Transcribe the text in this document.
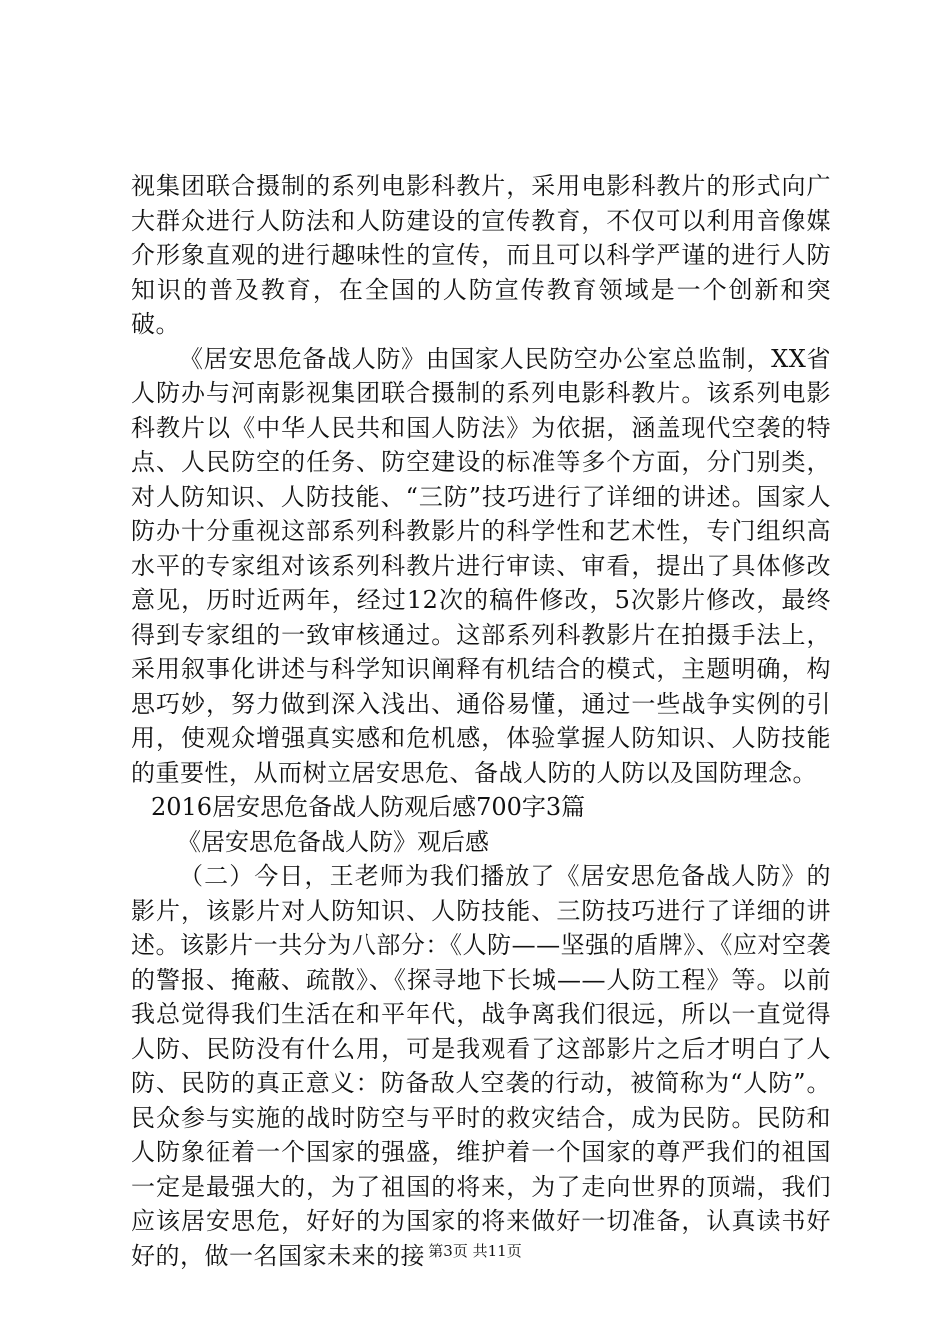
视集团联合摄制的系列电影科教片，采用电影科教片的形式向广大群众进行人防法和人防建设的宣传教育，不仅可以利用音像媒介形象直观的进行趣味性的宣传，而且可以科学严谨的进行人防知识的普及教育，在全国的人防宣传教育领域是一个创新和突破。

《居安思危备战人防》由国家人民防空办公室总监制，XX省人防办与河南影视集团联合摄制的系列电影科教片。该系列电影科教片以《中华人民共和国人防法》为依据，涵盖现代空袭的特点、人民防空的任务、防空建设的标准等多个方面，分门别类，对人防知识、人防技能、“三防”技巧进行了详细的讲述。国家人防办十分重视这部系列科教影片的科学性和艺术性，专门组织高水平的专家组对该系列科教片进行审读、审看，提出了具体修改意见，历时近两年，经过12次的稿件修改，5次影片修改，最终得到专家组的一致审核通过。这部系列科教影片在拍摄手法上，采用叙事化讲述与科学知识阐释有机结合的模式，主题明确，构思巧妙，努力做到深入浅出、通俗易懂，通过一些战争实例的引用，使观众增强真实感和危机感，体验掌握人防知识、人防技能的重要性，从而树立居安思危、备战人防的人防以及国防理念。

2016居安思危备战人防观后感700字3篇

《居安思危备战人防》观后感

（二）今日，王老师为我们播放了《居安思危备战人防》的影片，该影片对人防知识、人防技能、三防技巧进行了详细的讲述。该影片一共分为八部分：《人防——坚强的盾牌》、《应对空袭的警报、掩蔽、疏散》、《探寻地下长城——人防工程》等。以前我总觉得我们生活在和平年代，战争离我们很远，所以一直觉得人防、民防没有什么用，可是我观看了这部影片之后才明白了人防、民防的真正意义：防备敌人空袭的行动，被简称为“人防”。民众参与实施的战时防空与平时的救灾结合，成为民防。民防和人防象征着一个国家的强盛，维护着一个国家的尊严我们的祖国一定是最强大的，为了祖国的将来，为了走向世界的顶端，我们应该居安思危，好好的为国家的将来做好一切准备，认真读书好好的，做一名国家未来的接 第3页 共11页
